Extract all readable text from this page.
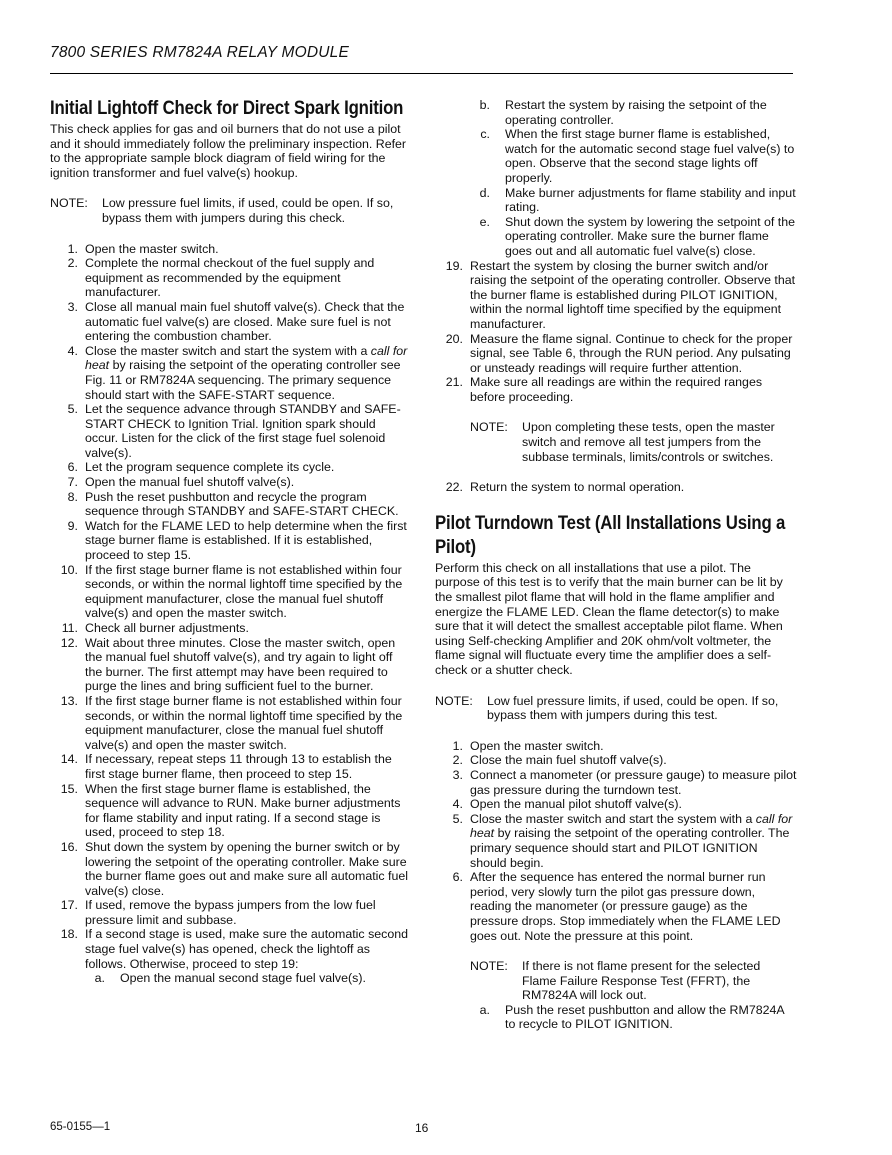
7800 SERIES RM7824A RELAY MODULE
Initial Lightoff Check for Direct Spark Ignition

This check applies for gas and oil burners that do not use a pilot and it should immediately follow the preliminary inspection. Refer to the appropriate sample block diagram of field wiring for the ignition transformer and fuel valve(s) hookup.

NOTE: Low pressure fuel limits, if used, could be open. If so, bypass them with jumpers during this check.
1. Open the master switch.
2. Complete the normal checkout of the fuel supply and equipment as recommended by the equipment manufacturer.
3. Close all manual main fuel shutoff valve(s). Check that the automatic fuel valve(s) are closed. Make sure fuel is not entering the combustion chamber.
4. Close the master switch and start the system with a call for heat by raising the setpoint of the operating controller see Fig. 11 or RM7824A sequencing. The primary sequence should start with the SAFE-START sequence.
5. Let the sequence advance through STANDBY and SAFE-START CHECK to Ignition Trial. Ignition spark should occur. Listen for the click of the first stage fuel solenoid valve(s).
6. Let the program sequence complete its cycle.
7. Open the manual fuel shutoff valve(s).
8. Push the reset pushbutton and recycle the program sequence through STANDBY and SAFE-START CHECK.
9. Watch for the FLAME LED to help determine when the first stage burner flame is established. If it is established, proceed to step 15.
10. If the first stage burner flame is not established within four seconds, or within the normal lightoff time specified by the equipment manufacturer, close the manual fuel shutoff valve(s) and open the master switch.
11. Check all burner adjustments.
12. Wait about three minutes. Close the master switch, open the manual fuel shutoff valve(s), and try again to light off the burner. The first attempt may have been required to purge the lines and bring sufficient fuel to the burner.
13. If the first stage burner flame is not established within four seconds, or within the normal lightoff time specified by the equipment manufacturer, close the manual fuel shutoff valve(s) and open the master switch.
14. If necessary, repeat steps 11 through 13 to establish the first stage burner flame, then proceed to step 15.
15. When the first stage burner flame is established, the sequence will advance to RUN. Make burner adjustments for flame stability and input rating. If a second stage is used, proceed to step 18.
16. Shut down the system by opening the burner switch or by lowering the setpoint of the operating controller. Make sure the burner flame goes out and make sure all automatic fuel valve(s) close.
17. If used, remove the bypass jumpers from the low fuel pressure limit and subbase.
18. If a second stage is used, make sure the automatic second stage fuel valve(s) has opened, check the lightoff as follows. Otherwise, proceed to step 19:
a. Open the manual second stage fuel valve(s).
b. Restart the system by raising the setpoint of the operating controller.
c. When the first stage burner flame is established, watch for the automatic second stage fuel valve(s) to open. Observe that the second stage lights off properly.
d. Make burner adjustments for flame stability and input rating.
e. Shut down the system by lowering the setpoint of the operating controller. Make sure the burner flame goes out and all automatic fuel valve(s) close.
19. Restart the system by closing the burner switch and/or raising the setpoint of the operating controller. Observe that the burner flame is established during PILOT IGNITION, within the normal lightoff time specified by the equipment manufacturer.
20. Measure the flame signal. Continue to check for the proper signal, see Table 6, through the RUN period. Any pulsating or unsteady readings will require further attention.
21. Make sure all readings are within the required ranges before proceeding.
NOTE: Upon completing these tests, open the master switch and remove all test jumpers from the subbase terminals, limits/controls or switches.
22. Return the system to normal operation.
Pilot Turndown Test (All Installations Using a Pilot)

Perform this check on all installations that use a pilot. The purpose of this test is to verify that the main burner can be lit by the smallest pilot flame that will hold in the flame amplifier and energize the FLAME LED. Clean the flame detector(s) to make sure that it will detect the smallest acceptable pilot flame. When using Self-checking Amplifier and 20K ohm/volt voltmeter, the flame signal will fluctuate every time the amplifier does a self-check or a shutter check.

NOTE: Low fuel pressure limits, if used, could be open. If so, bypass them with jumpers during this test.
1. Open the master switch.
2. Close the main fuel shutoff valve(s).
3. Connect a manometer (or pressure gauge) to measure pilot gas pressure during the turndown test.
4. Open the manual pilot shutoff valve(s).
5. Close the master switch and start the system with a call for heat by raising the setpoint of the operating controller. The primary sequence should start and PILOT IGNITION should begin.
6. After the sequence has entered the normal burner run period, very slowly turn the pilot gas pressure down, reading the manometer (or pressure gauge) as the pressure drops. Stop immediately when the FLAME LED goes out. Note the pressure at this point.
NOTE: If there is not flame present for the selected Flame Failure Response Test (FFRT), the RM7824A will lock out.
a. Push the reset pushbutton and allow the RM7824A to recycle to PILOT IGNITION.
65-0155—1	16
